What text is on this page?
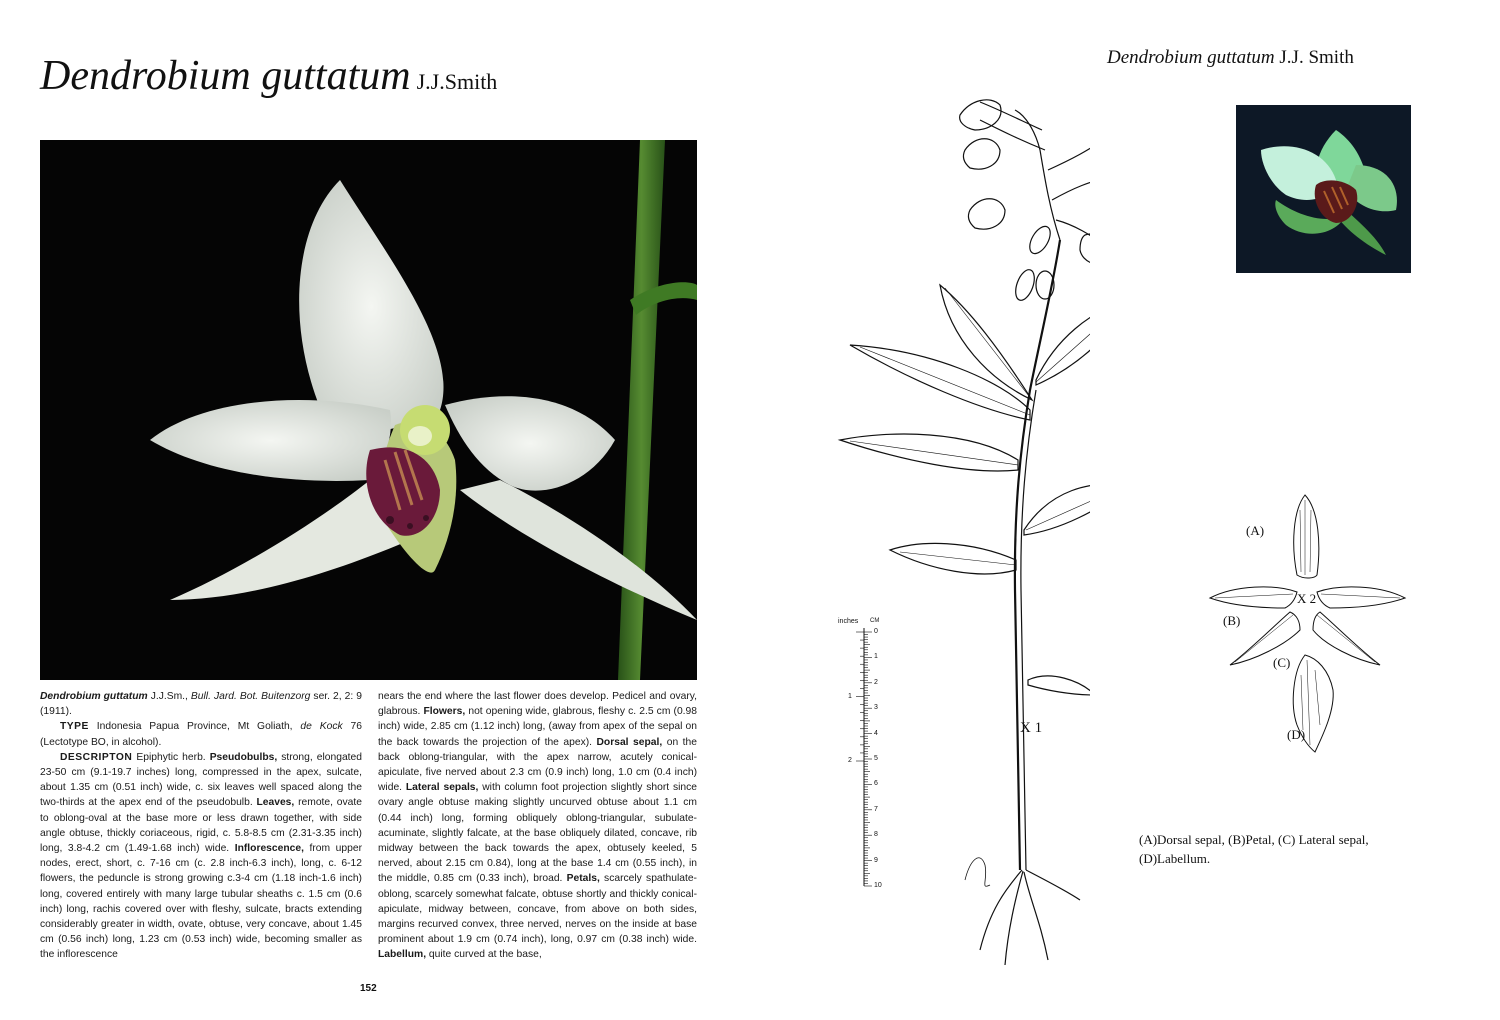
Dendrobium guttatum J.J.Smith

Dendrobium guttatum J.J.Sm., Bull. Jard. Bot. Buitenzorg ser. 2, 2: 9 (1911).

TYPE Indonesia Papua Province, Mt Goliath, de Kock 76 (Lectotype BO, in alcohol).

DESCRIPTON Epiphytic herb. Pseudobulbs, strong, elongated 23-50 cm (9.1-19.7 inches) long, compressed in the apex, sulcate, about 1.35 cm (0.51 inch) wide, c. six leaves well spaced along the two-thirds at the apex end of the pseudobulb. Leaves, remote, ovate to oblong-oval at the base more or less drawn together, with side angle obtuse, thickly coriaceous, rigid, c. 5.8-8.5 cm (2.31-3.35 inch) long, 3.8-4.2 cm (1.49-1.68 inch) wide. Inflorescence, from upper nodes, erect, short, c. 7-16 cm (c. 2.8 inch-6.3 inch), long, c. 6-12 flowers, the peduncle is strong growing c.3-4 cm (1.18 inch-1.6 inch) long, covered entirely with many large tubular sheaths c. 1.5 cm (0.6 inch) long, rachis covered over with fleshy, sulcate, bracts extending considerably greater in width, ovate, obtuse, very concave, about 1.45 cm (0.56 inch) long, 1.23 cm (0.53 inch) wide, becoming smaller as the inflorescence

nears the end where the last flower does develop. Pedicel and ovary, glabrous. Flowers, not opening wide, glabrous, fleshy c. 2.5 cm (0.98 inch) wide, 2.85 cm (1.12 inch) long, (away from apex of the sepal on the back towards the projection of the apex). Dorsal sepal, on the back oblong-triangular, with the apex narrow, acutely conical-apiculate, five nerved about 2.3 cm (0.9 inch) long, 1.0 cm (0.4 inch) wide. Lateral sepals, with column foot projection slightly short since ovary angle obtuse making slightly uncurved obtuse about 1.1 cm (0.44 inch) long, forming obliquely oblong-triangular, subulate-acuminate, slightly falcate, at the base obliquely dilated, concave, rib midway between the back towards the apex, obtusely keeled, 5 nerved, about 2.15 cm 0.84), long at the base 1.4 cm (0.55 inch), in the middle, 0.85 cm (0.33 inch), broad. Petals, scarcely spathulate-oblong, scarcely somewhat falcate, obtuse shortly and thickly conical-apiculate, midway between, concave, from above on both sides, margins recurved convex, three nerved, nerves on the inside at base prominent about 1.9 cm (0.74 inch), long, 0.97 cm (0.38 inch) wide. Labellum, quite curved at the base,

152
Dendrobium guttatum J.J. Smith
inches CM
0
1
2
3
4
5
6
7
8
9
10
1
2
X 1
(A)
(B)
(C)
(D)
X 2
(A)Dorsal sepal, (B)Petal, (C) Lateral sepal,
(D)Labellum.
